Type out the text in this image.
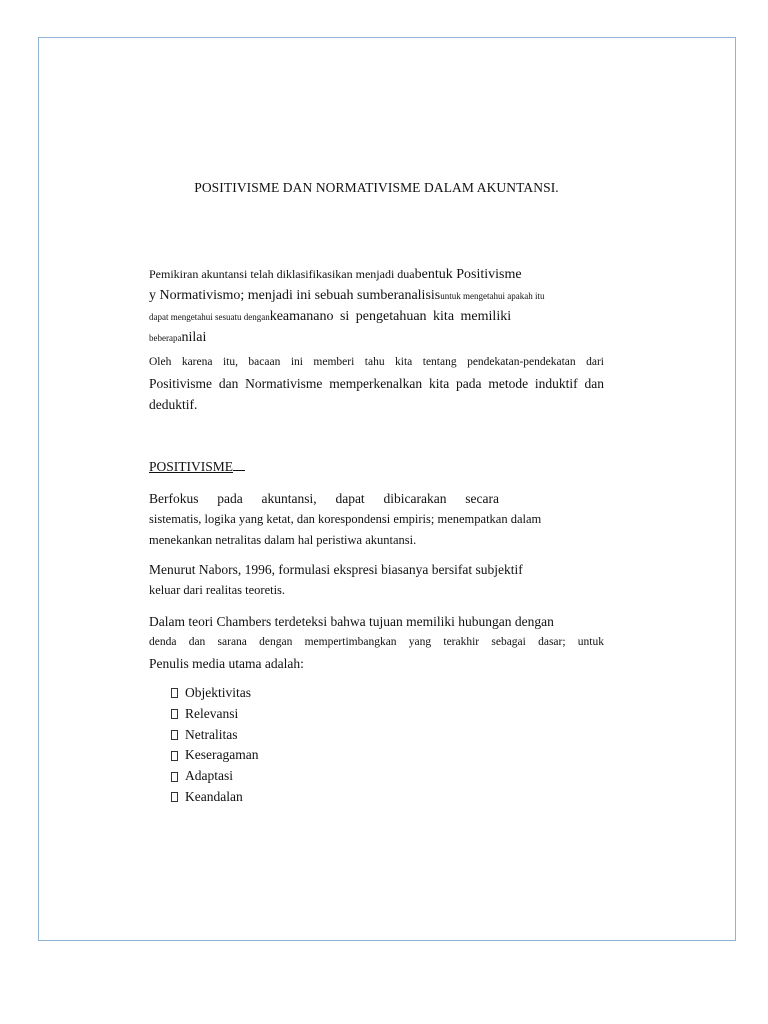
POSITIVISME DAN NORMATIVISME DALAM AKUNTANSI.
Pemikiran akuntansi telah diklasifikasikan menjadi duabentuk Positivisme
y Normativismo; menjadi ini sebuah sumberanalisisuntuk mengetahui apakah itu
dapat mengetahui sesuatu dengankeamanano si pengetahuan kita memiliki
beberapanilai
Oleh karena itu, bacaan ini memberi tahu kita tentang pendekatan-pendekatan dari
Positivisme dan Normativisme memperkenalkan kita pada metode induktif dan
deduktif.
POSITIVISME
Berfokus pada akuntansi, dapat dibicarakan secara
sistematis, logika yang ketat, dan korespondensi empiris; menempatkan dalam
menekankan netralitas dalam hal peristiwa akuntansi.
Menurut Nabors, 1996, formulasi ekspresi biasanya bersifat subjektif
keluar dari realitas teoretis.
Dalam teori Chambers terdeteksi bahwa tujuan memiliki hubungan dengan
denda dan sarana dengan mempertimbangkan yang terakhir sebagai dasar; untuk
Penulis media utama adalah:
Objektivitas
Relevansi
Netralitas
Keseragaman
Adaptasi
Keandalan
